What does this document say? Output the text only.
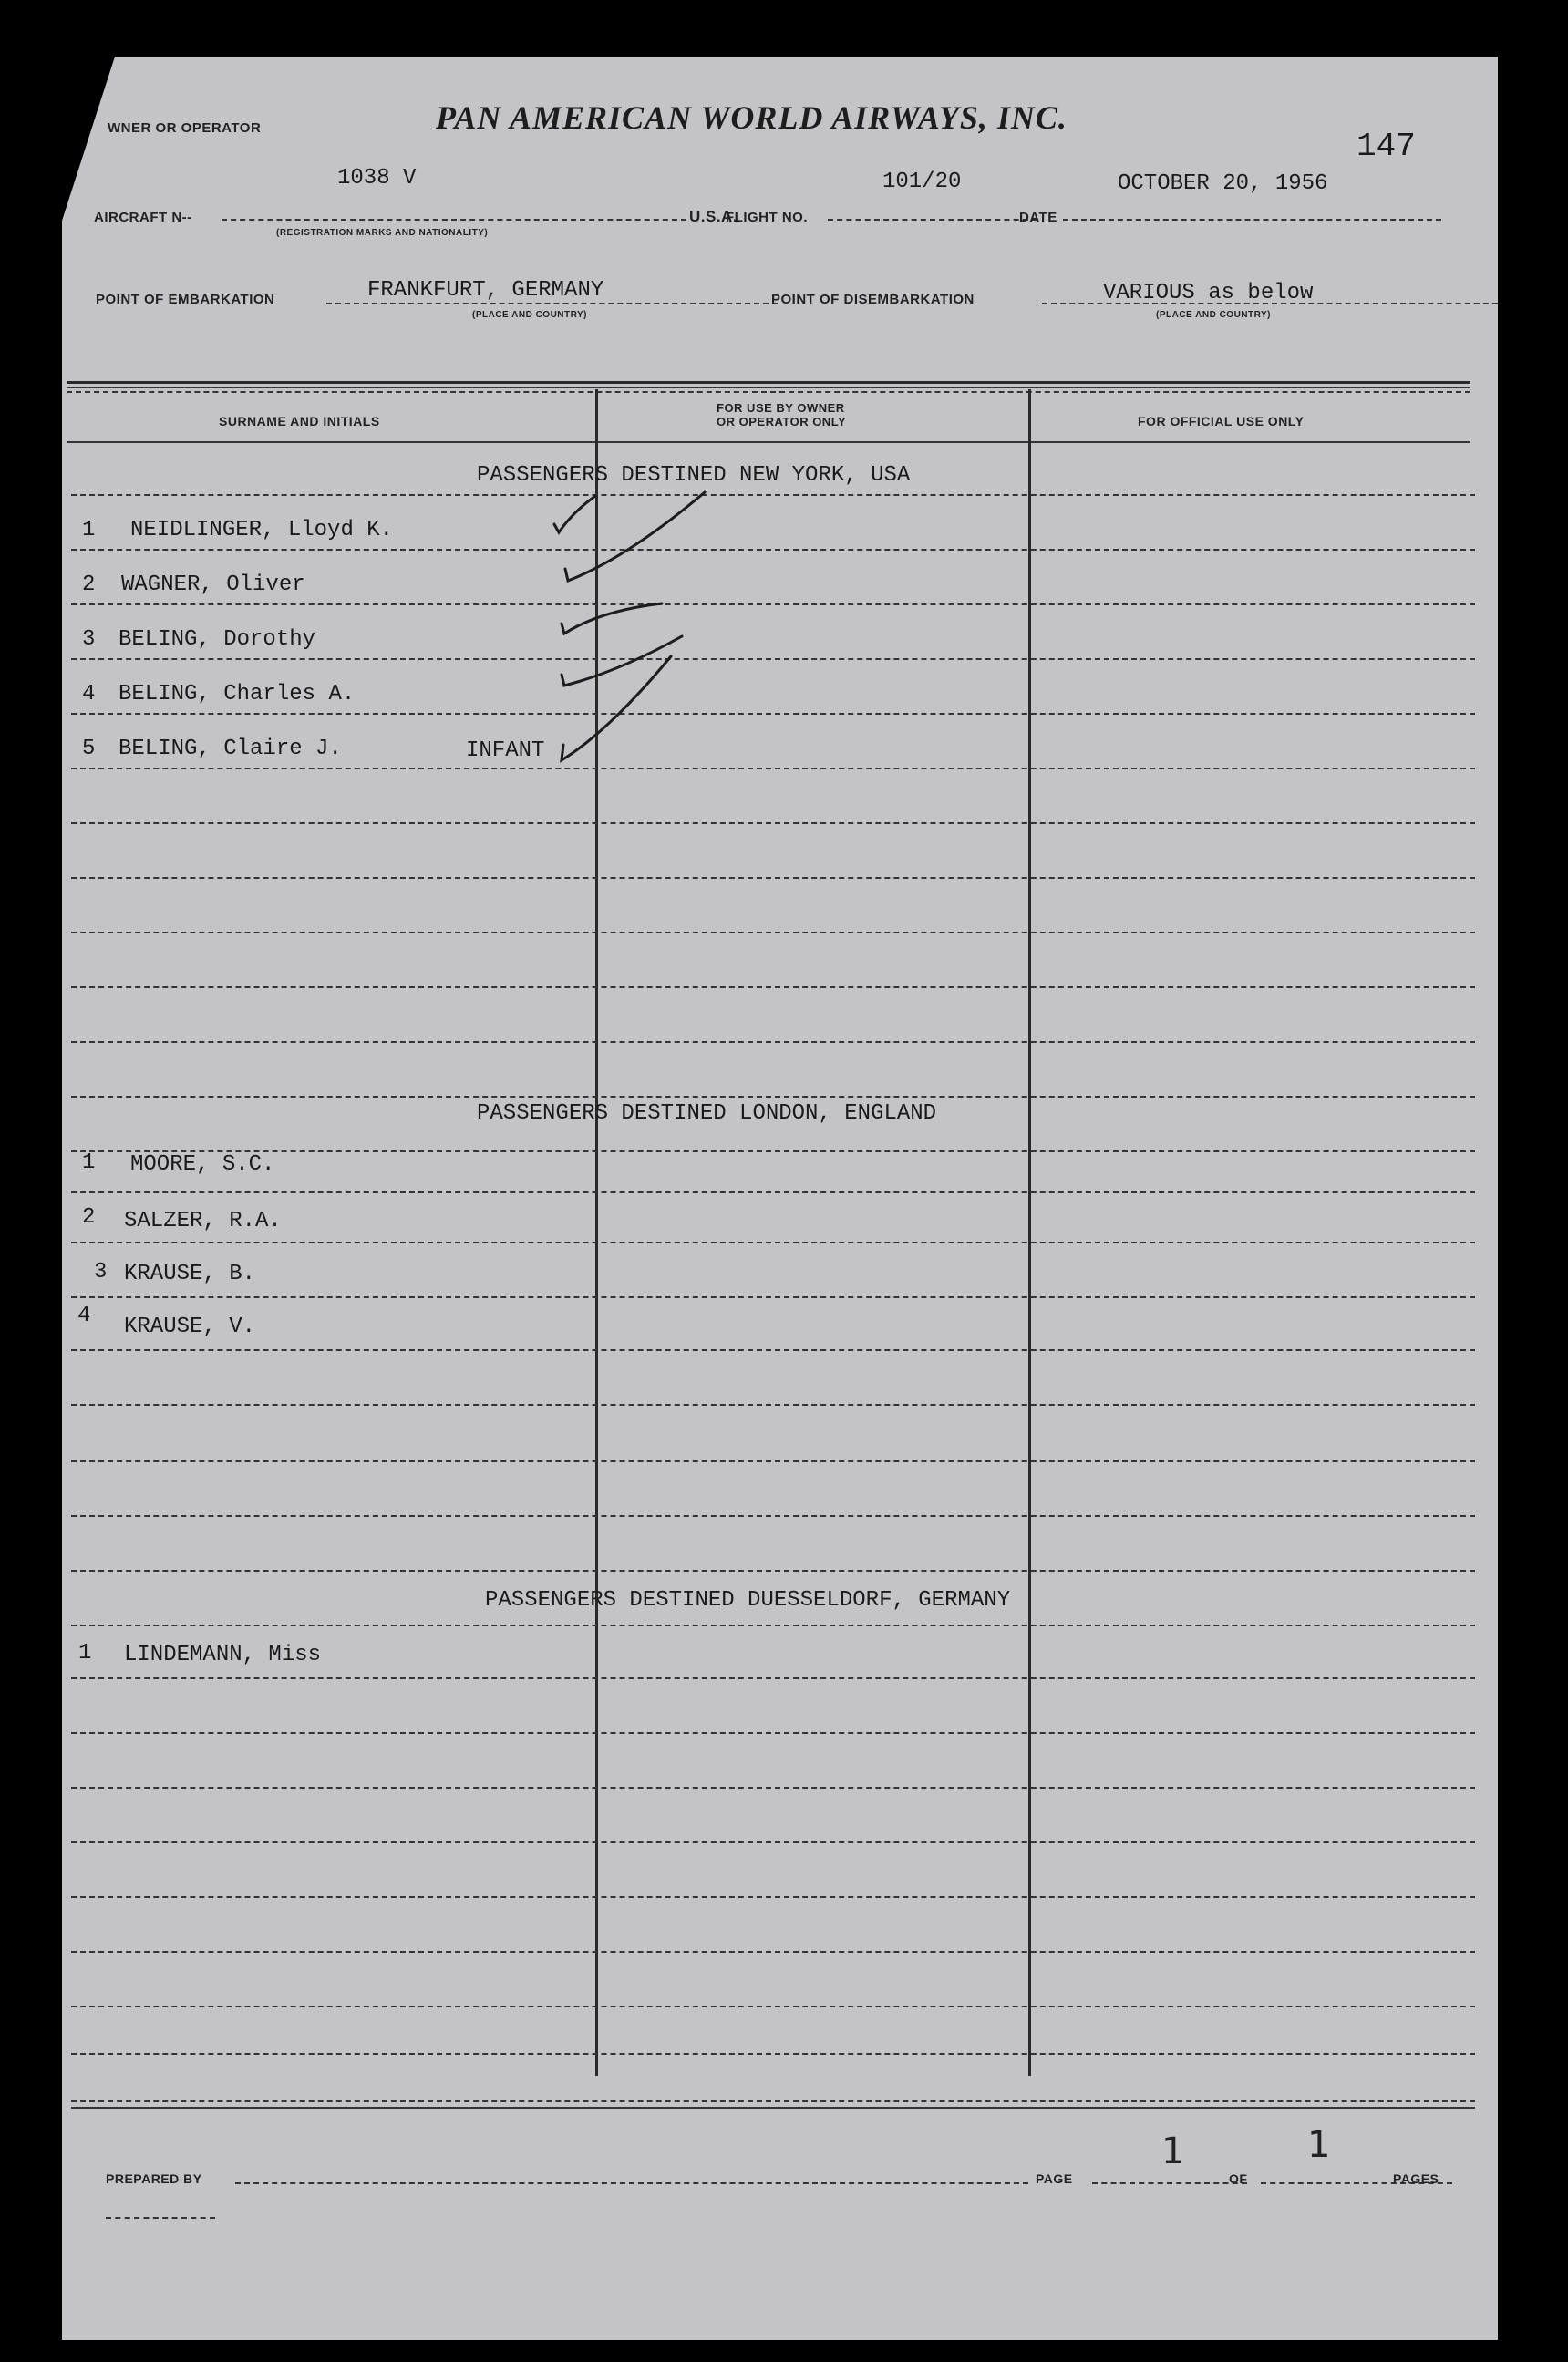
WNER OR OPERATOR	PAN AMERICAN WORLD AIRWAYS, INC.
147
AIRCRAFT N--
1038 V
(REGISTRATION MARKS AND NATIONALITY)
U.S.A.
FLIGHT NO.
101/20
DATE
OCTOBER 20, 1956
POINT OF EMBARKATION	FRANKFURT, GERMANY
(PLACE AND COUNTRY)
POINT OF DISEMBARKATION	VARIOUS as below
(PLACE AND COUNTRY)
SURNAME AND INITIALS
FOR USE BY OWNER
OR OPERATOR ONLY	FOR OFFICIAL USE ONLY
PASSENGERS DESTINED NEW YORK, USA
1 NEIDLINGER, Lloyd K.
2 WAGNER, Oliver
3 BELING, Dorothy
4 BELING, Charles A.
5 BELING, Claire J.	INFANT
PASSENGERS DESTINED LONDON, ENGLAND
1 MOORE, S.C.
2 SALZER, R.A.
3 KRAUSE, B.
4 KRAUSE, V.
PASSENGERS DESTINED DUESSELDORF, GERMANY
1 LINDEMANN, Miss
PREPARED BY	PAGE
1
OF
1
PAGES
